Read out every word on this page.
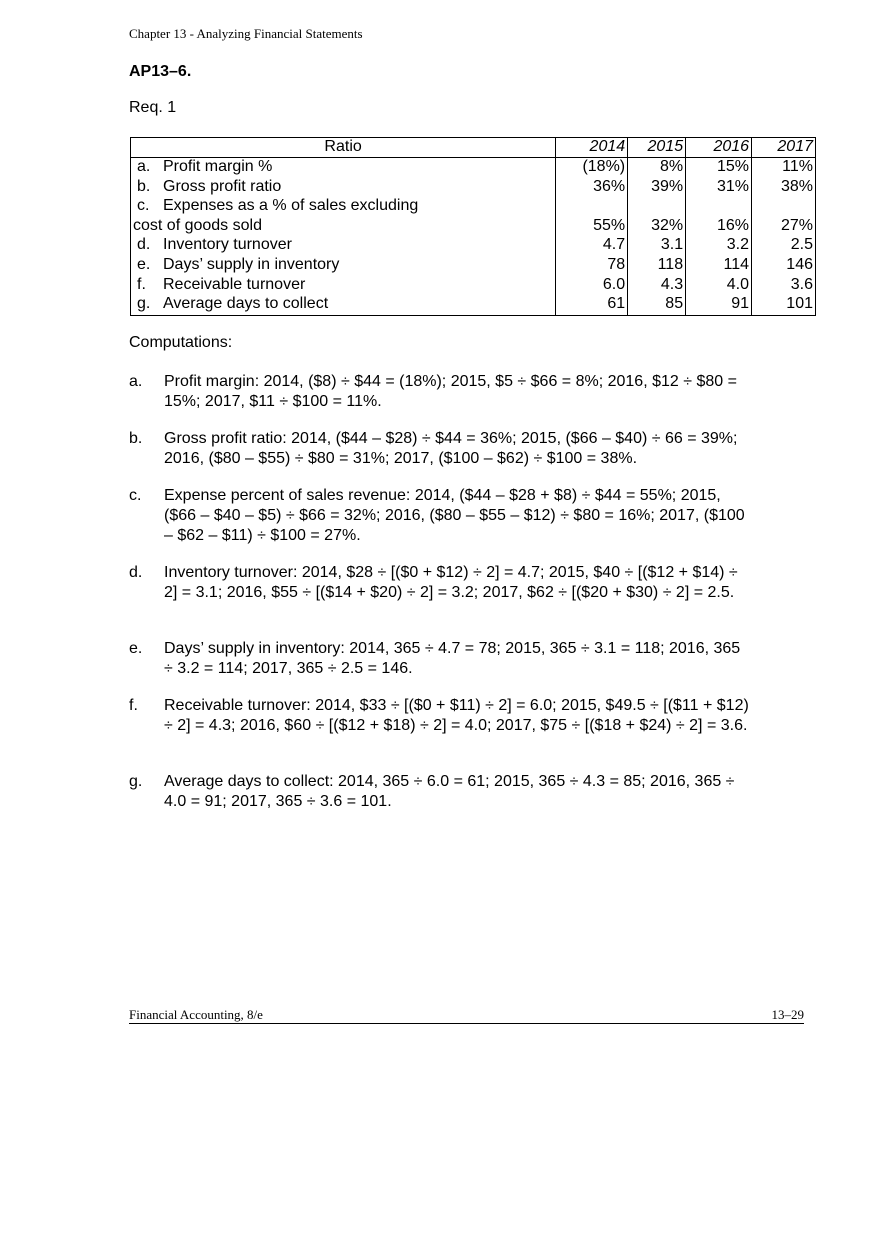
Chapter 13 - Analyzing Financial Statements
AP13–6.
Req. 1
Ratio	2014	2015	2016	2017
a. Profit margin %	(18%)	8%	15%	11%
b. Gross profit ratio	36%	39%	31%	38%
c. Expenses as a % of sales excluding				
cost of goods sold	55%	32%	16%	27%
d. Inventory turnover	4.7	3.1	3.2	2.5
e. Days’ supply in inventory	78	118	114	146
f. Receivable turnover	6.0	4.3	4.0	3.6
g. Average days to collect	61	85	91	101
Computations:
a.	Profit margin: 2014, ($8) ÷ $44 = (18%); 2015, $5 ÷ $66 = 8%; 2016, $12 ÷ $80 = 15%; 2017, $11 ÷ $100 = 11%.
b.	Gross profit ratio: 2014, ($44 – $28) ÷ $44 = 36%; 2015, ($66 – $40) ÷ 66 = 39%; 2016, ($80 – $55) ÷ $80 = 31%; 2017, ($100 – $62) ÷ $100 = 38%.
c.	Expense percent of sales revenue: 2014, ($44 – $28 + $8) ÷ $44 = 55%; 2015, ($66 – $40 – $5) ÷ $66 = 32%; 2016, ($80 – $55 – $12) ÷ $80 = 16%; 2017, ($100 – $62 – $11) ÷ $100 = 27%.
d.	Inventory turnover: 2014, $28 ÷ [($0 + $12) ÷ 2] = 4.7; 2015, $40 ÷ [($12 + $14) ÷ 2] = 3.1; 2016, $55 ÷ [($14 + $20) ÷ 2] = 3.2; 2017, $62 ÷ [($20 + $30) ÷ 2] = 2.5.
e.	Days’ supply in inventory: 2014, 365 ÷ 4.7 = 78; 2015, 365 ÷ 3.1 = 118; 2016, 365 ÷ 3.2 = 114; 2017, 365 ÷ 2.5 = 146.
f.	Receivable turnover: 2014, $33 ÷ [($0 + $11) ÷ 2] = 6.0; 2015, $49.5 ÷ [($11 + $12) ÷ 2] = 4.3; 2016, $60 ÷ [($12 + $18) ÷ 2] = 4.0; 2017, $75 ÷ [($18 + $24) ÷ 2] = 3.6.
g.	Average days to collect: 2014, 365 ÷ 6.0 = 61; 2015, 365 ÷ 4.3 = 85; 2016, 365 ÷ 4.0 = 91; 2017, 365 ÷ 3.6 = 101.
Financial Accounting, 8/e	13–29
